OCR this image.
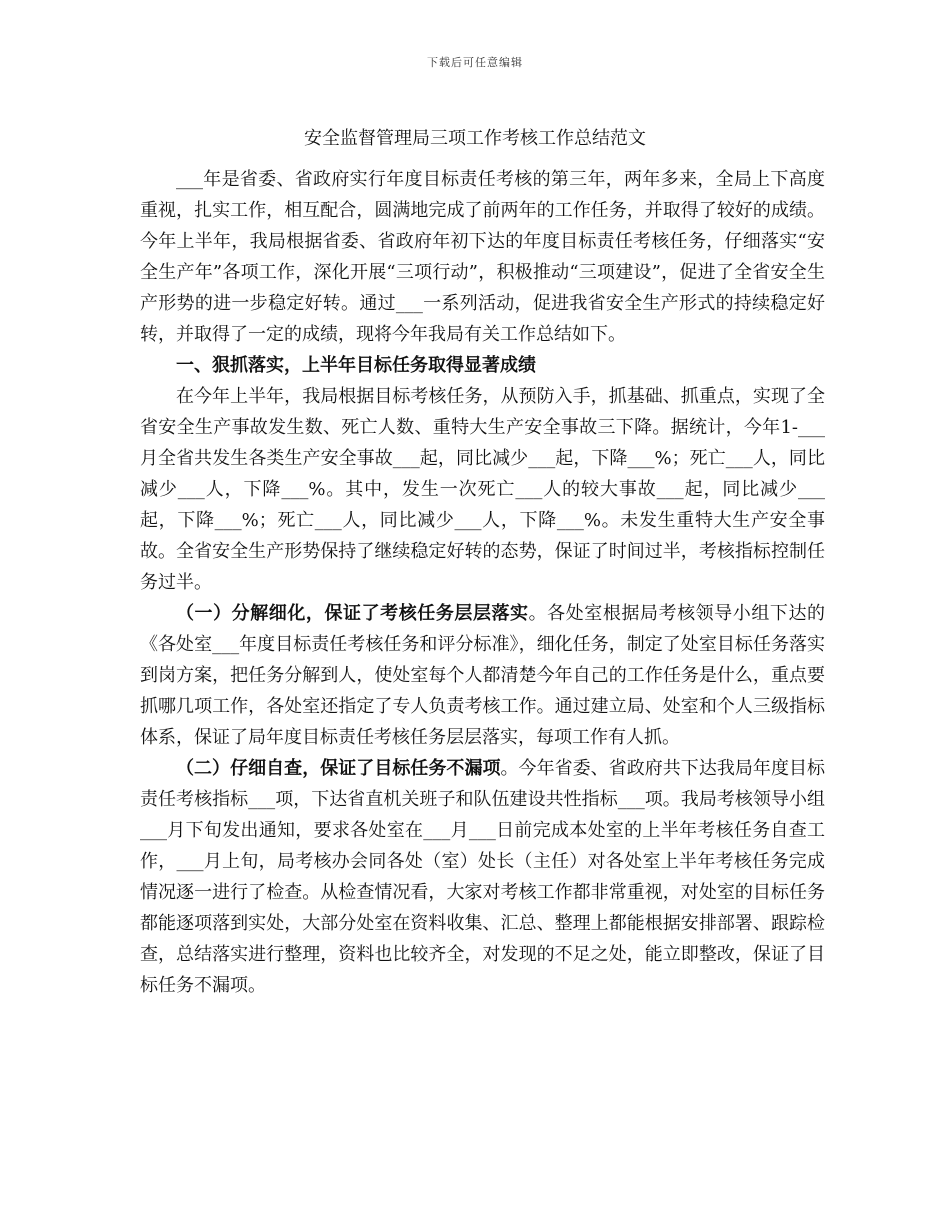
下载后可任意编辑
安全监督管理局三项工作考核工作总结范文

___年是省委、省政府实行年度目标责任考核的第三年，两年多来，全局上下高度重视，扎实工作，相互配合，圆满地完成了前两年的工作任务，并取得了较好的成绩。今年上半年，我局根据省委、省政府年初下达的年度目标责任考核任务，仔细落实“安全生产年”各项工作，深化开展“三项行动”，积极推动“三项建设”，促进了全省安全生产形势的进一步稳定好转。通过___一系列活动，促进我省安全生产形式的持续稳定好转，并取得了一定的成绩，现将今年我局有关工作总结如下。

一、狠抓落实，上半年目标任务取得显著成绩

在今年上半年，我局根据目标考核任务，从预防入手，抓基础、抓重点，实现了全省安全生产事故发生数、死亡人数、重特大生产安全事故三下降。据统计，今年1-___月全省共发生各类生产安全事故___起，同比减少___起，下降___%；死亡___人，同比减少___人，下降___%。其中，发生一次死亡___人的较大事故___起，同比减少___起，下降___%；死亡___人，同比减少___人，下降___%。未发生重特大生产安全事故。全省安全生产形势保持了继续稳定好转的态势，保证了时间过半，考核指标控制任务过半。

（一）分解细化，保证了考核任务层层落实。各处室根据局考核领导小组下达的《各处室___年度目标责任考核任务和评分标准》，细化任务，制定了处室目标任务落实到岗方案，把任务分解到人，使处室每个人都清楚今年自己的工作任务是什么，重点要抓哪几项工作，各处室还指定了专人负责考核工作。通过建立局、处室和个人三级指标体系，保证了局年度目标责任考核任务层层落实，每项工作有人抓。

（二）仔细自查，保证了目标任务不漏项。今年省委、省政府共下达我局年度目标责任考核指标___项，下达省直机关班子和队伍建设共性指标___项。我局考核领导小组___月下旬发出通知，要求各处室在___月___日前完成本处室的上半年考核任务自查工作，___月上旬，局考核办会同各处（室）处长（主任）对各处室上半年考核任务完成情况逐一进行了检查。从检查情况看，大家对考核工作都非常重视，对处室的目标任务都能逐项落到实处，大部分处室在资料收集、汇总、整理上都能根据安排部署、跟踪检查，总结落实进行整理，资料也比较齐全，对发现的不足之处，能立即整改，保证了目标任务不漏项。
